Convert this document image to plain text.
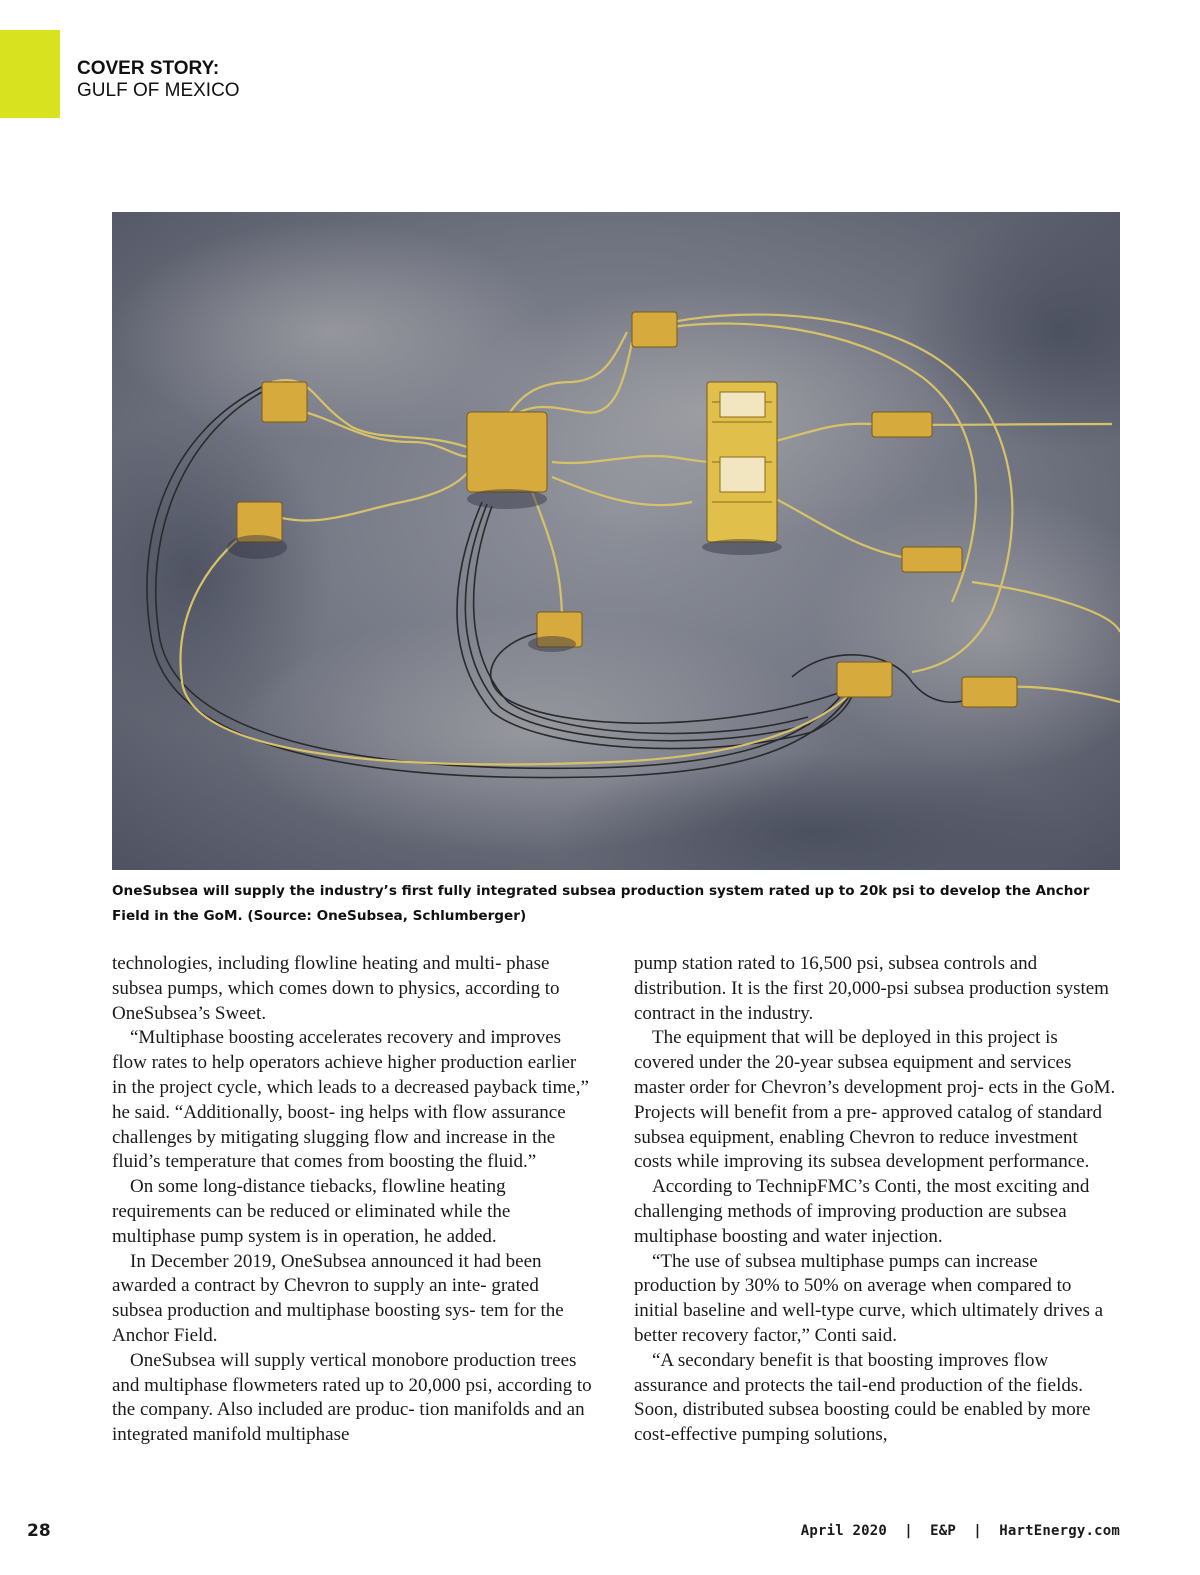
COVER STORY:
GULF OF MEXICO
OneSubsea will supply the industry’s first fully integrated subsea production system rated up to 20k psi to develop the Anchor Field in the GoM. (Source: OneSubsea, Schlumberger)

technologies, including flowline heating and multi- phase subsea pumps, which comes down to physics, according to OneSubsea’s Sweet.

“Multiphase boosting accelerates recovery and improves flow rates to help operators achieve higher production earlier in the project cycle, which leads to a decreased payback time,” he said. “Additionally, boost- ing helps with flow assurance challenges by mitigating slugging flow and increase in the fluid’s temperature that comes from boosting the fluid.”

On some long-distance tiebacks, flowline heating requirements can be reduced or eliminated while the multiphase pump system is in operation, he added.

In December 2019, OneSubsea announced it had been awarded a contract by Chevron to supply an inte- grated subsea production and multiphase boosting sys- tem for the Anchor Field.

OneSubsea will supply vertical monobore production trees and multiphase flowmeters rated up to 20,000 psi, according to the company. Also included are produc- tion manifolds and an integrated manifold multiphase

pump station rated to 16,500 psi, subsea controls and distribution. It is the first 20,000-psi subsea production system contract in the industry.

The equipment that will be deployed in this project is covered under the 20-year subsea equipment and services master order for Chevron’s development proj- ects in the GoM. Projects will benefit from a pre- approved catalog of standard subsea equipment, enabling Chevron to reduce investment costs while improving its subsea development performance.

According to TechnipFMC’s Conti, the most exciting and challenging methods of improving production are subsea multiphase boosting and water injection.

“The use of subsea multiphase pumps can increase production by 30% to 50% on average when compared to initial baseline and well-type curve, which ultimately drives a better recovery factor,” Conti said.

“A secondary benefit is that boosting improves flow assurance and protects the tail-end production of the fields. Soon, distributed subsea boosting could be enabled by more cost-effective pumping solutions,

28	April 2020  |  E&P  |  HartEnergy.com
